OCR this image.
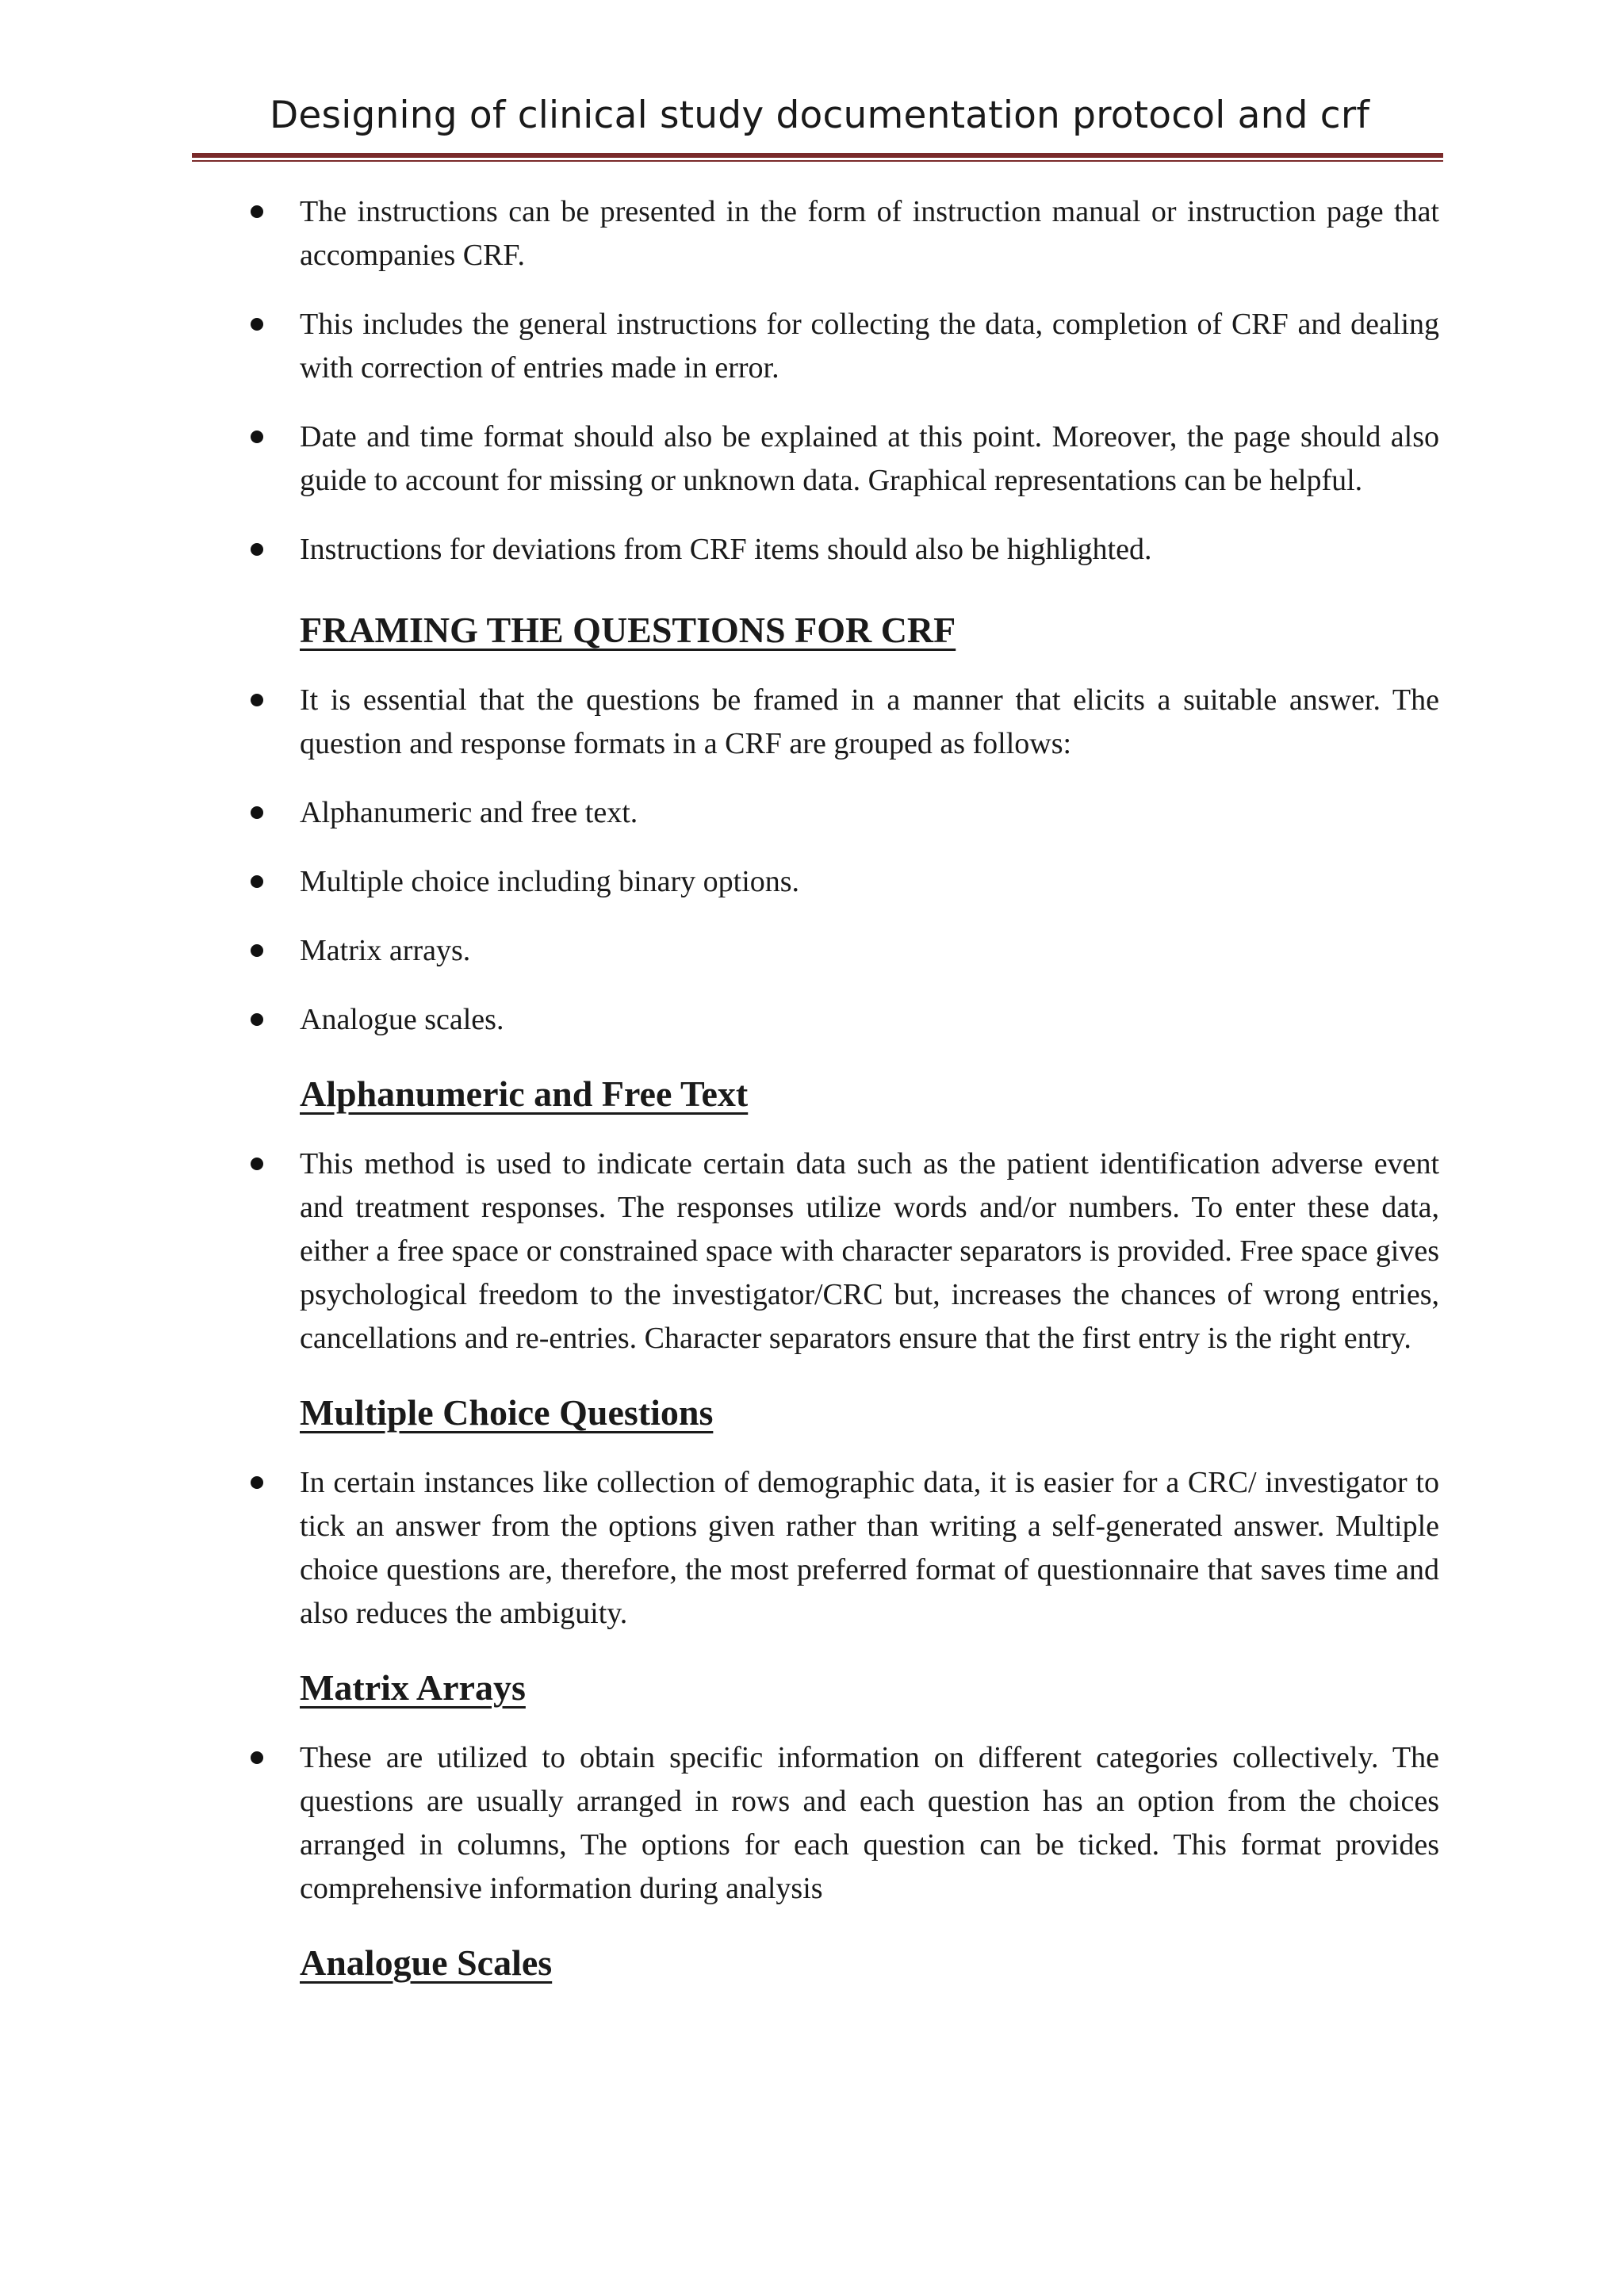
Designing of clinical study documentation protocol and crf

The instructions can be presented in the form of instruction manual or instruction page that accompanies CRF.

This includes the general instructions for collecting the data, completion of CRF and dealing with correction of entries made in error.

Date and time format should also be explained at this point. Moreover, the page should also guide to account for missing or unknown data. Graphical representations can be helpful.

Instructions for deviations from CRF items should also be highlighted.

FRAMING THE QUESTIONS FOR CRF

It is essential that the questions be framed in a manner that elicits a suitable answer. The question and response formats in a CRF are grouped as follows:

Alphanumeric and free text.

Multiple choice including binary options.

Matrix arrays.

Analogue scales.

Alphanumeric and Free Text

This method is used to indicate certain data such as the patient identification adverse event and treatment responses. The responses utilize words and/or numbers. To enter these data, either a free space or constrained space with character separators is provided. Free space gives psychological freedom to the investigator/CRC but, increases the chances of wrong entries, cancellations and re-entries. Character separators ensure that the first entry is the right entry.

Multiple Choice Questions

In certain instances like collection of demographic data, it is easier for a CRC/ investigator to tick an answer from the options given rather than writing a self-generated answer. Multiple choice questions are, therefore, the most preferred format of questionnaire that saves time and also reduces the ambiguity.

Matrix Arrays

These are utilized to obtain specific information on different categories collectively. The questions are usually arranged in rows and each question has an option from the choices arranged in columns, The options for each question can be ticked. This format provides comprehensive information during analysis

Analogue Scales
